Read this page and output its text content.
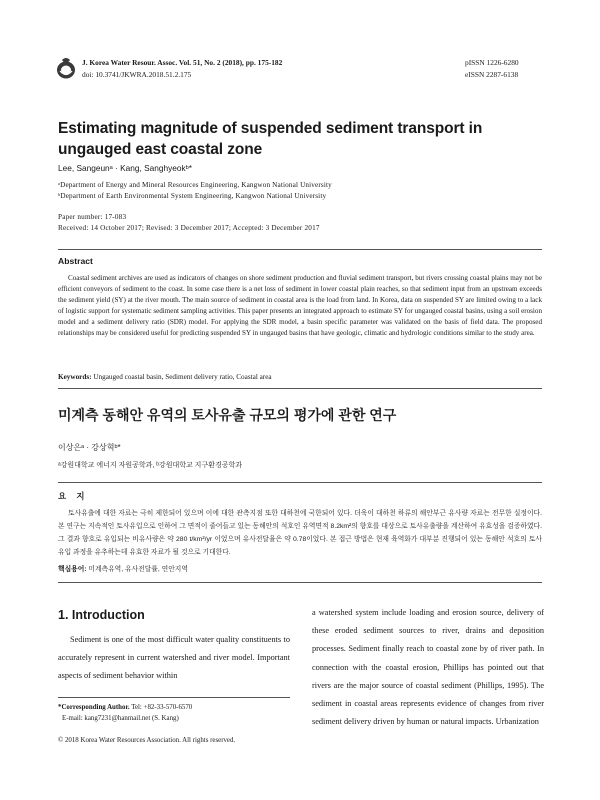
J. Korea Water Resour. Assoc. Vol. 51, No. 2 (2018), pp. 175-182
doi: 10.3741/JKWRA.2018.51.2.175
pISSN 1226-6280
eISSN 2287-6138
Estimating magnitude of suspended sediment transport in ungauged east coastal zone
Lee, Sangeunᵃ · Kang, Sanghyeokᵇ*
ᵃDepartment of Energy and Mineral Resources Engineering, Kangwon National University
ᵇDepartment of Earth Environmental System Engineering, Kangwon National University
Paper number: 17-083
Received: 14 October 2017; Revised: 3 December 2017; Accepted: 3 December 2017
Abstract
Coastal sediment archives are used as indicators of changes on shore sediment production and fluvial sediment transport, but rivers crossing coastal plains may not be efficient conveyors of sediment to the coast. In some case there is a net loss of sediment in lower coastal plain reaches, so that sediment input from an upstream exceeds the sediment yield (SY) at the river mouth. The main source of sediment in coastal area is the load from land. In Korea, data on suspended SY are limited owing to a lack of logistic support for systematic sediment sampling activities. This paper presents an integrated approach to estimate SY for ungauged coastal basins, using a soil erosion model and a sediment delivery ratio (SDR) model. For applying the SDR model, a basin specific parameter was validated on the basis of field data. The proposed relationships may be considered useful for predicting suspended SY in ungauged basins that have geologic, climatic and hydrologic conditions similar to the study area.
Keywords: Ungauged coastal basin, Sediment delivery ratio, Coastal area
미계측 동해안 유역의 토사유출 규모의 평가에 관한 연구
이상은ᵃ · 강상혁ᵇ*
ᵃ강원대학교 에너지 자원공학과, ᵇ강원대학교 지구환경공학과
요 지
토사유출에 대한 자료는 극히 제한되어 있으며 이에 대한 관측지점 또한 대하천에 국한되어 있다. 더욱이 대하천 하류의 해안부근 유사량 자료는 전무한 실정이다. 본 연구는 지속적인 토사유입으로 인하여 그 면적이 줄어들고 있는 동해안의 석호인 유역면적 8.2km²의 향호를 대상으로 토사유출량을 계산하여 유효성을 검증하였다. 그 결과 향호로 유입되는 비유사량은 약 280 t/km²/yr 이었으며 유사전달율은 약 0.78이었다. 본 접근 방법은 현재 육역화가 대부분 진행되어 있는 동해안 석호의 토사유입 과정을 유추하는데 유효한 자료가 될 것으로 기대한다.
핵심용어: 미계측유역, 유사전달률, 연안지역
1. Introduction
Sediment is one of the most difficult water quality constituents to accurately represent in current watershed and river model. Important aspects of sediment behavior within
a watershed system include loading and erosion source, delivery of these eroded sediment sources to river, drains and deposition processes. Sediment finally reach to coastal zone by of river path. In connection with the coastal erosion, Phillips has pointed out that rivers are the major source of coastal sediment (Phillips, 1995). The sediment in coastal areas represents evidence of changes from river sediment delivery driven by human or natural impacts. Urbanization
*Corresponding Author. Tel: +82-33-570-6570
E-mail: kang7231@hanmail.net (S. Kang)
© 2018 Korea Water Resources Association. All rights reserved.
